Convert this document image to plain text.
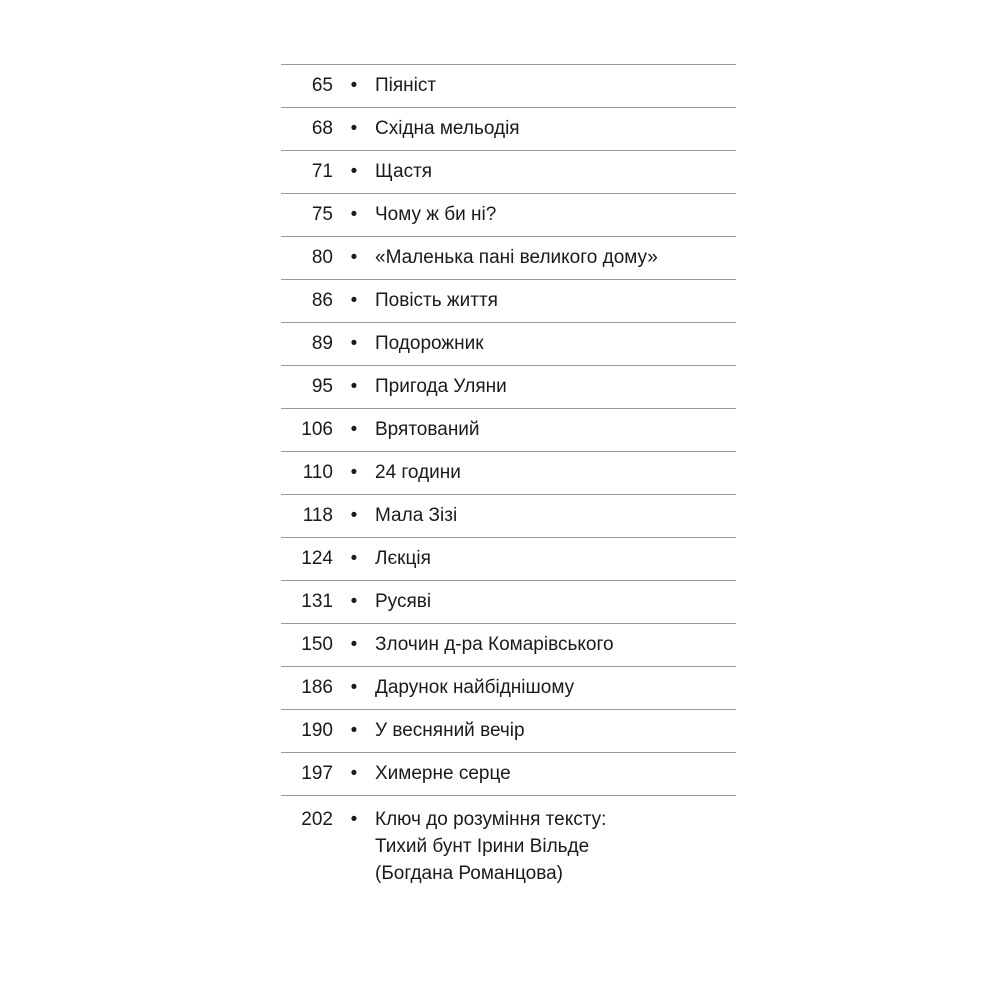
65 • Піяніст
68 • Східна мельодія
71 • Щастя
75 • Чому ж би ні?
80 • «Маленька пані великого дому»
86 • Повість життя
89 • Подорожник
95 • Пригода Уляни
106 • Врятований
110 • 24 години
118 • Мала Зізі
124 • Лєкція
131 • Русяві
150 • Злочин д-ра Комарівського
186 • Дарунок найбіднішому
190 • У весняний вечір
197 • Химерне серце
202 • Ключ до розуміння тексту:
Тихий бунт Ірини Вільде
(Богдана Романцова)
